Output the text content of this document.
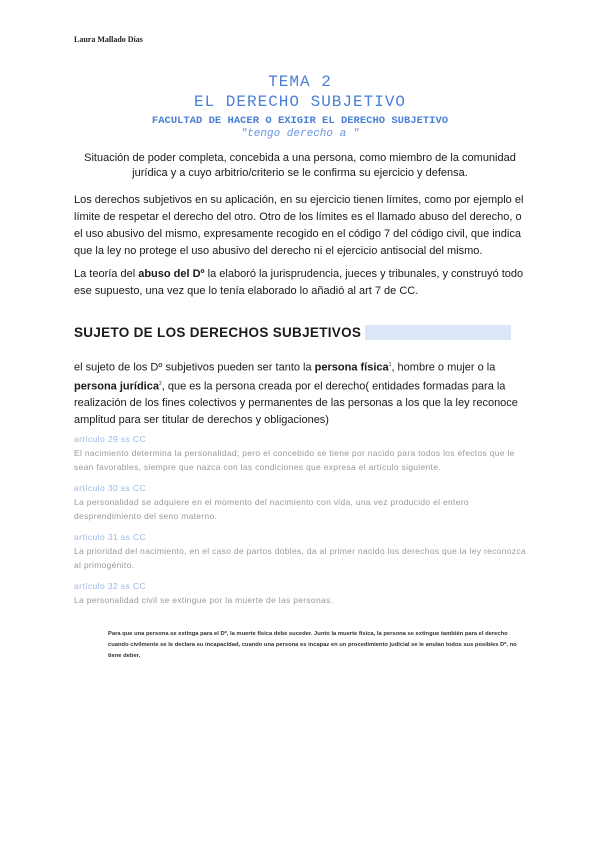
Laura Mallado Días
TEMA 2
EL DERECHO SUBJETIVO
FACULTAD DE HACER O EXIGIR EL DERECHO SUBJETIVO
"tengo derecho a "
Situación de poder completa, concebida a una persona, como miembro de la comunidad jurídica y a cuyo arbitrio/criterio se le confirma su ejercicio y defensa.
Los derechos subjetivos en su aplicación, en su ejercicio tienen límites, como por ejemplo el límite de respetar el derecho del otro. Otro de los límites es el llamado abuso del derecho, o el uso abusivo del mismo, expresamente recogido en el código 7 del código civil, que indica que la ley no protege el uso abusivo del derecho ni el ejercicio antisocial del mismo.
La teoría del abuso del Dº la elaboró la jurisprudencia, jueces y tribunales, y construyó todo ese supuesto, una vez que lo tenía elaborado lo añadió al art 7 de CC.
SUJETO DE LOS DERECHOS SUBJETIVOS
el sujeto de los Dº subjetivos pueden ser tanto la persona física$^1$, hombre o mujer o la persona jurídica$^2$, que es la persona creada por el derecho( entidades formadas para la realización de los fines colectivos y permanentes de las personas a los que la ley reconoce amplitud para ser titular de derechos y obligaciones)
artículo 29 ss CC
El nacimiento determina la personalidad; pero el concebido se tiene por nacido para todos los efectos que le sean favorables, siempre que nazca con las condiciones que expresa el artículo siguiente.
artículo 30 ss CC
La personalidad se adquiere en el momento del nacimiento con vida, una vez producido el entero desprendimiento del seno materno.
artículo 31 ss CC
La prioridad del nacimiento, en el caso de partos dobles, da al primer nacido los derechos que la ley reconozca al primogénito.
artículo 32 ss CC
La personalidad civil se extingue por la muerte de las personas.
Para que una persona se extinga para el Dº, la muerte física debe suceder. Junto la muerte física, la persona se extingue también para el derecho cuando civilmente se le declara su incapacidad, cuando una persona es incapaz en un procedimiento judicial se le anulan todos sus posibles Dº, no tiene deber.
